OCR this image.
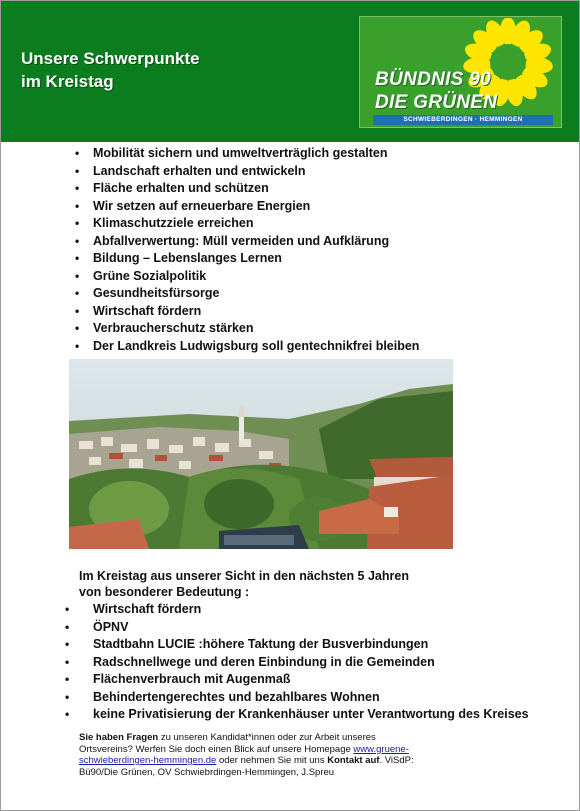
Unsere Schwerpunkte
im Kreistag	BÜNDNIS 90
DIE GRÜNEN
SCHWIEBERDINGEN · HEMMINGEN
• Mobilität sichern und umweltverträglich gestalten
• Landschaft erhalten und entwickeln
• Fläche erhalten und schützen
• Wir setzen auf erneuerbare Energien
• Klimaschutzziele erreichen
• Abfallverwertung: Müll vermeiden und Aufklärung
• Bildung – Lebenslanges Lernen
• Grüne Sozialpolitik
• Gesundheitsfürsorge
• Wirtschaft fördern
• Verbraucherschutz stärken
• Der Landkreis Ludwigsburg soll gentechnikfrei bleiben
Im Kreistag aus unserer Sicht in den nächsten 5 Jahren
von besonderer Bedeutung :
• Wirtschaft fördern
• ÖPNV
• Stadtbahn LUCIE :höhere Taktung der Busverbindungen
• Radschnellwege und deren Einbindung in die Gemeinden
• Flächenverbrauch mit Augenmaß
• Behindertengerechtes und bezahlbares Wohnen
• keine Privatisierung der Krankenhäuser unter Verantwortung des Kreises
Sie haben Fragen zu unseren Kandidat*innen oder zur Arbeit unseres
Ortsvereins? Werfen Sie doch einen Blick auf unsere Homepage www.gruene-
schwieberdingen-hemmingen.de oder nehmen Sie mit uns Kontakt auf. ViSdP:
Bü90/Die Grünen, OV Schwiebrdingen-Hemmingen, J.Spreu
